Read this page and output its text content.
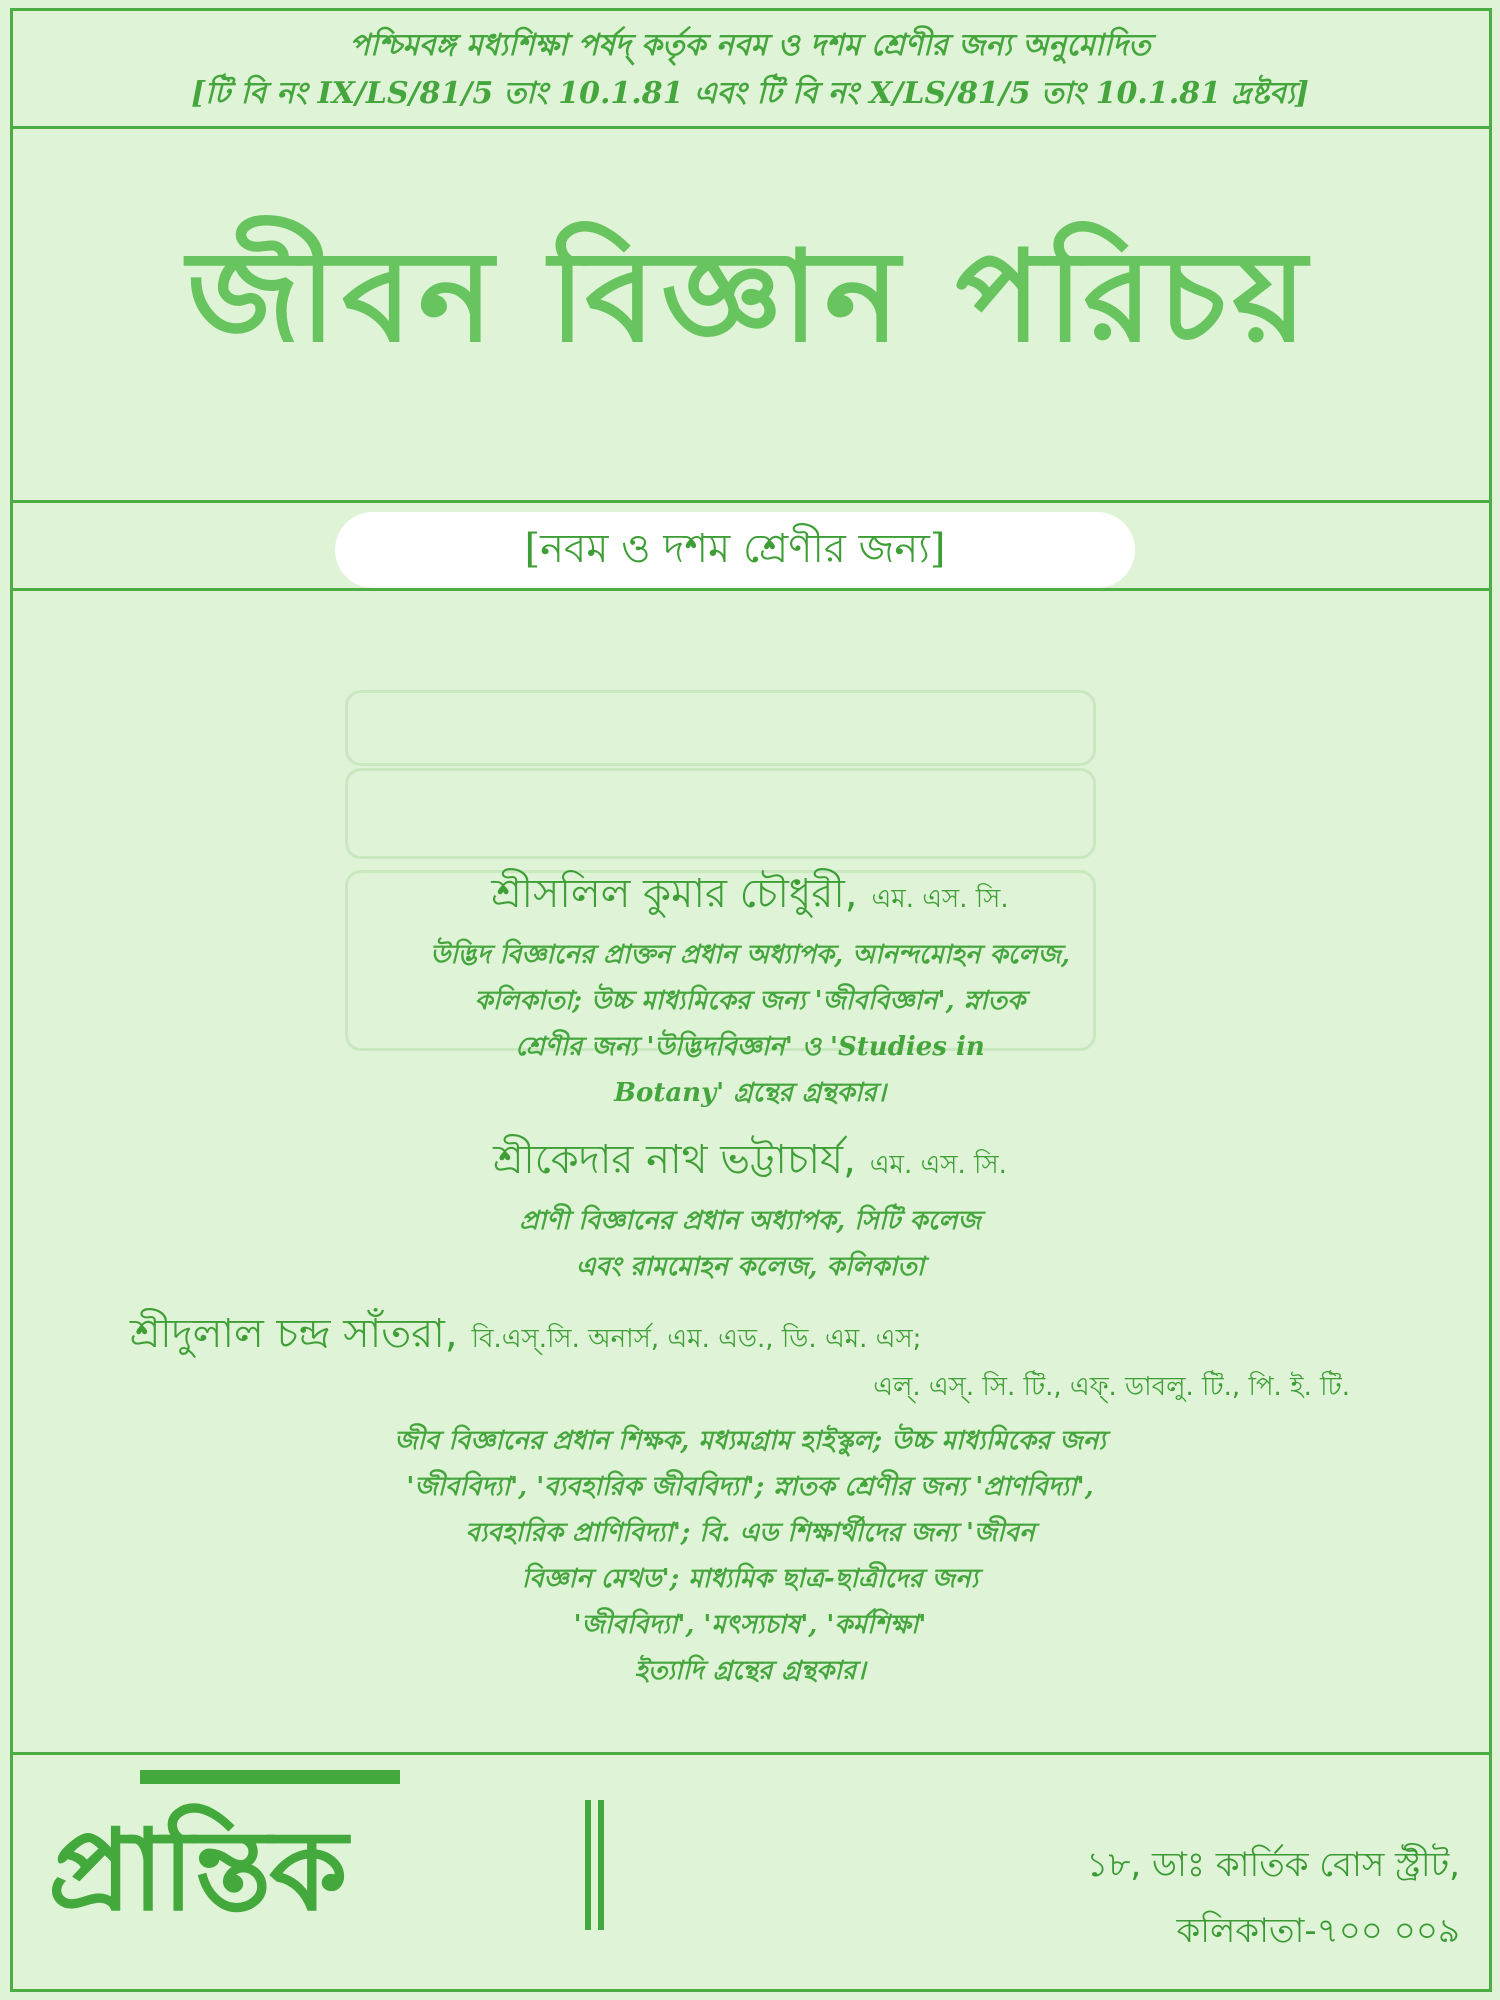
পশ্চিমবঙ্গ মধ্যশিক্ষা পর্ষদ্‌ কর্তৃক নবম ও দশম শ্রেণীর জন্য অনুমোদিত
[টি বি নং IX/LS/81/5 তাং 10.1.81 এবং টি বি নং X/LS/81/5 তাং 10.1.81 দ্রষ্টব্য]
জীবন বিজ্ঞান পরিচয়
[নবম ও দশম শ্রেণীর জন্য]
শ্রীসলিল কুমার চৌধুরী, এম. এস. সি.
উদ্ভিদ বিজ্ঞানের প্রাক্তন প্রধান অধ্যাপক, আনন্দমোহন কলেজ,
কলিকাতা; উচ্চ মাধ্যমিকের জন্য 'জীববিজ্ঞান', স্নাতক
শ্রেণীর জন্য 'উদ্ভিদবিজ্ঞান' ও 'Studies in
Botany' গ্রন্থের গ্রন্থকার।
শ্রীকেদার নাথ ভট্টাচার্য, এম. এস. সি.
প্রাণী বিজ্ঞানের প্রধান অধ্যাপক, সিটি কলেজ
এবং রামমোহন কলেজ, কলিকাতা
শ্রীদুলাল চন্দ্র সাঁতরা, বি.এস্.সি. অনার্স, এম. এড., ডি. এম. এস;
এল্. এস্. সি. টি., এফ্. ডাবলু. টি., পি. ই. টি.
জীব বিজ্ঞানের প্রধান শিক্ষক, মধ্যমগ্রাম হাইস্কুল; উচ্চ মাধ্যমিকের জন্য
'জীববিদ্যা', 'ব্যবহারিক জীববিদ্যা'; স্নাতক শ্রেণীর জন্য 'প্রাণবিদ্যা',
ব্যবহারিক প্রাণিবিদ্যা'; বি. এড শিক্ষার্থীদের জন্য 'জীবন
বিজ্ঞান মেথড'; মাধ্যমিক ছাত্র-ছাত্রীদের জন্য
'জীববিদ্যা', 'মৎস্যচাষ', 'কর্মশিক্ষা'
ইত্যাদি গ্রন্থের গ্রন্থকার।
প্রান্তিক	১৮, ডাঃ কার্তিক বোস স্ট্রীট,
কলিকাতা-৭০০ ০০৯
